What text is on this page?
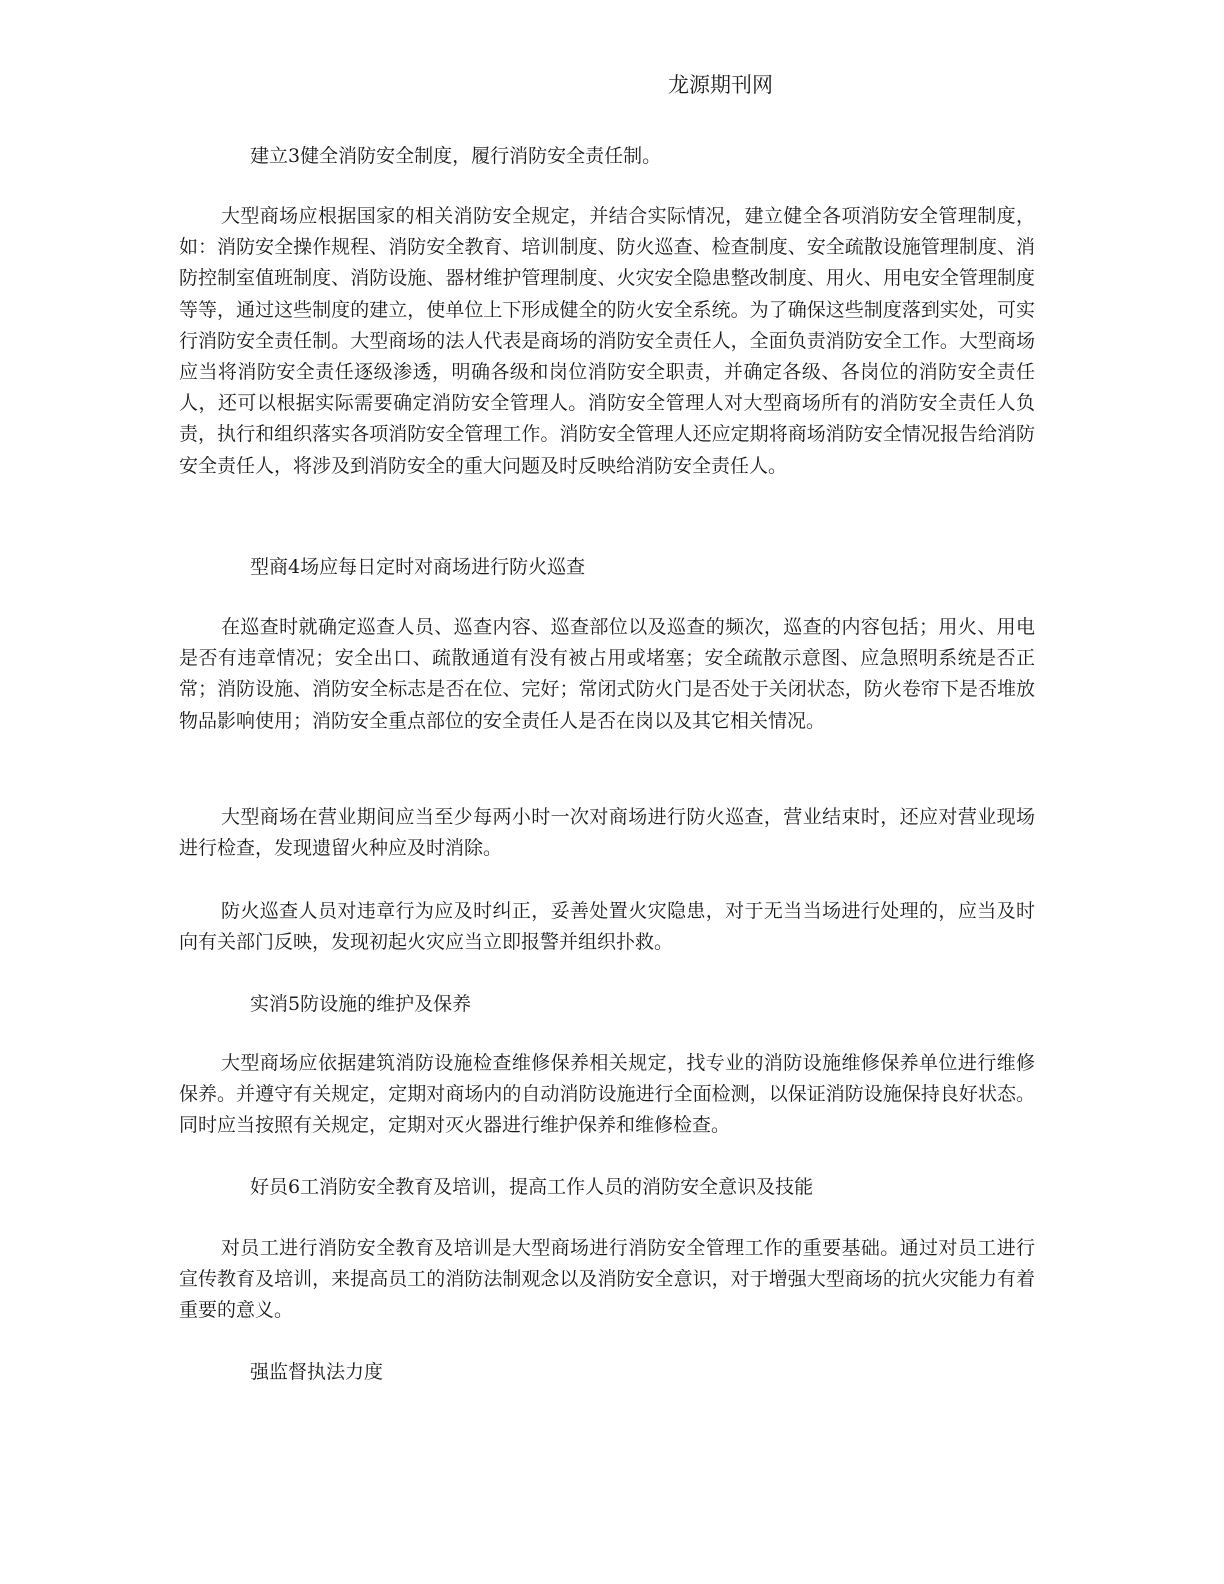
龙源期刊网
建立3健全消防安全制度，履行消防安全责任制。

大型商场应根据国家的相关消防安全规定，并结合实际情况，建立健全各项消防安全管理制度，如：消防安全操作规程、消防安全教育、培训制度、防火巡查、检查制度、安全疏散设施管理制度、消防控制室值班制度、消防设施、器材维护管理制度、火灾安全隐患整改制度、用火、用电安全管理制度等等，通过这些制度的建立，使单位上下形成健全的防火安全系统。为了确保这些制度落到实处，可实行消防安全责任制。大型商场的法人代表是商场的消防安全责任人，全面负责消防安全工作。大型商场应当将消防安全责任逐级渗透，明确各级和岗位消防安全职责，并确定各级、各岗位的消防安全责任人，还可以根据实际需要确定消防安全管理人。消防安全管理人对大型商场所有的消防安全责任人负责，执行和组织落实各项消防安全管理工作。消防安全管理人还应定期将商场消防安全情况报告给消防安全责任人，将涉及到消防安全的重大问题及时反映给消防安全责任人。

型商4场应每日定时对商场进行防火巡查

在巡查时就确定巡查人员、巡查内容、巡查部位以及巡查的频次，巡查的内容包括；用火、用电是否有违章情况；安全出口、疏散通道有没有被占用或堵塞；安全疏散示意图、应急照明系统是否正常；消防设施、消防安全标志是否在位、完好；常闭式防火门是否处于关闭状态，防火卷帘下是否堆放物品影响使用；消防安全重点部位的安全责任人是否在岗以及其它相关情况。

大型商场在营业期间应当至少每两小时一次对商场进行防火巡查，营业结束时，还应对营业现场进行检查，发现遗留火种应及时消除。

防火巡查人员对违章行为应及时纠正，妥善处置火灾隐患，对于无当当场进行处理的，应当及时向有关部门反映，发现初起火灾应当立即报警并组织扑救。

实消5防设施的维护及保养

大型商场应依据建筑消防设施检查维修保养相关规定，找专业的消防设施维修保养单位进行维修保养。并遵守有关规定，定期对商场内的自动消防设施进行全面检测，以保证消防设施保持良好状态。同时应当按照有关规定，定期对灭火器进行维护保养和维修检查。

好员6工消防安全教育及培训，提高工作人员的消防安全意识及技能

对员工进行消防安全教育及培训是大型商场进行消防安全管理工作的重要基础。通过对员工进行宣传教育及培训，来提高员工的消防法制观念以及消防安全意识，对于增强大型商场的抗火灾能力有着重要的意义。

强监督执法力度
